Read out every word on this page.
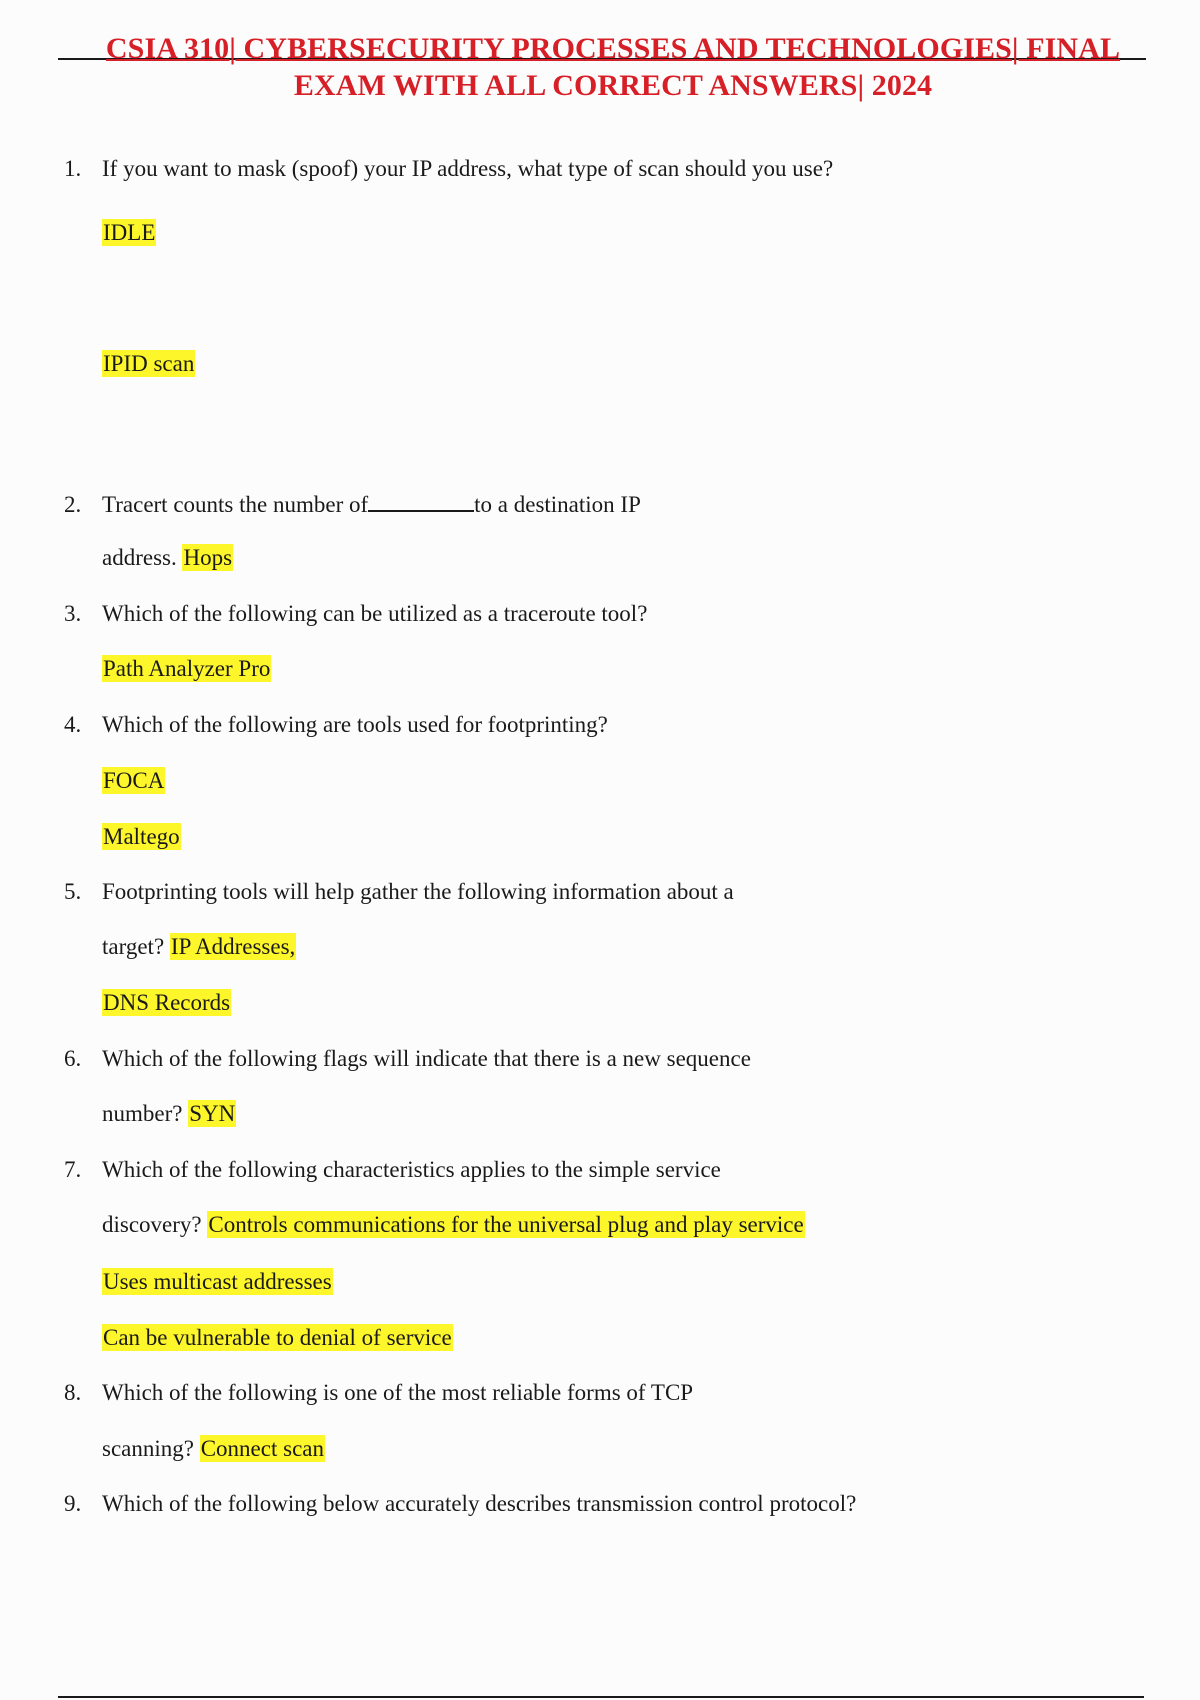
CSIA 310| CYBERSECURITY PROCESSES AND TECHNOLOGIES| FINAL
EXAM WITH ALL CORRECT ANSWERS| 2024
1. If you want to mask (spoof) your IP address, what type of scan should you use?
IDLE
IPID scan
2. Tracert counts the number of	to a destination IP
address. Hops
3. Which of the following can be utilized as a traceroute tool?
Path Analyzer Pro
4. Which of the following are tools used for footprinting?
FOCA
Maltego
5. Footprinting tools will help gather the following information about a
target? IP Addresses,
DNS Records
6. Which of the following flags will indicate that there is a new sequence
number? SYN
7. Which of the following characteristics applies to the simple service
discovery? Controls communications for the universal plug and play service
Uses multicast addresses
Can be vulnerable to denial of service
8. Which of the following is one of the most reliable forms of TCP
scanning? Connect scan
9. Which of the following below accurately describes transmission control protocol?
